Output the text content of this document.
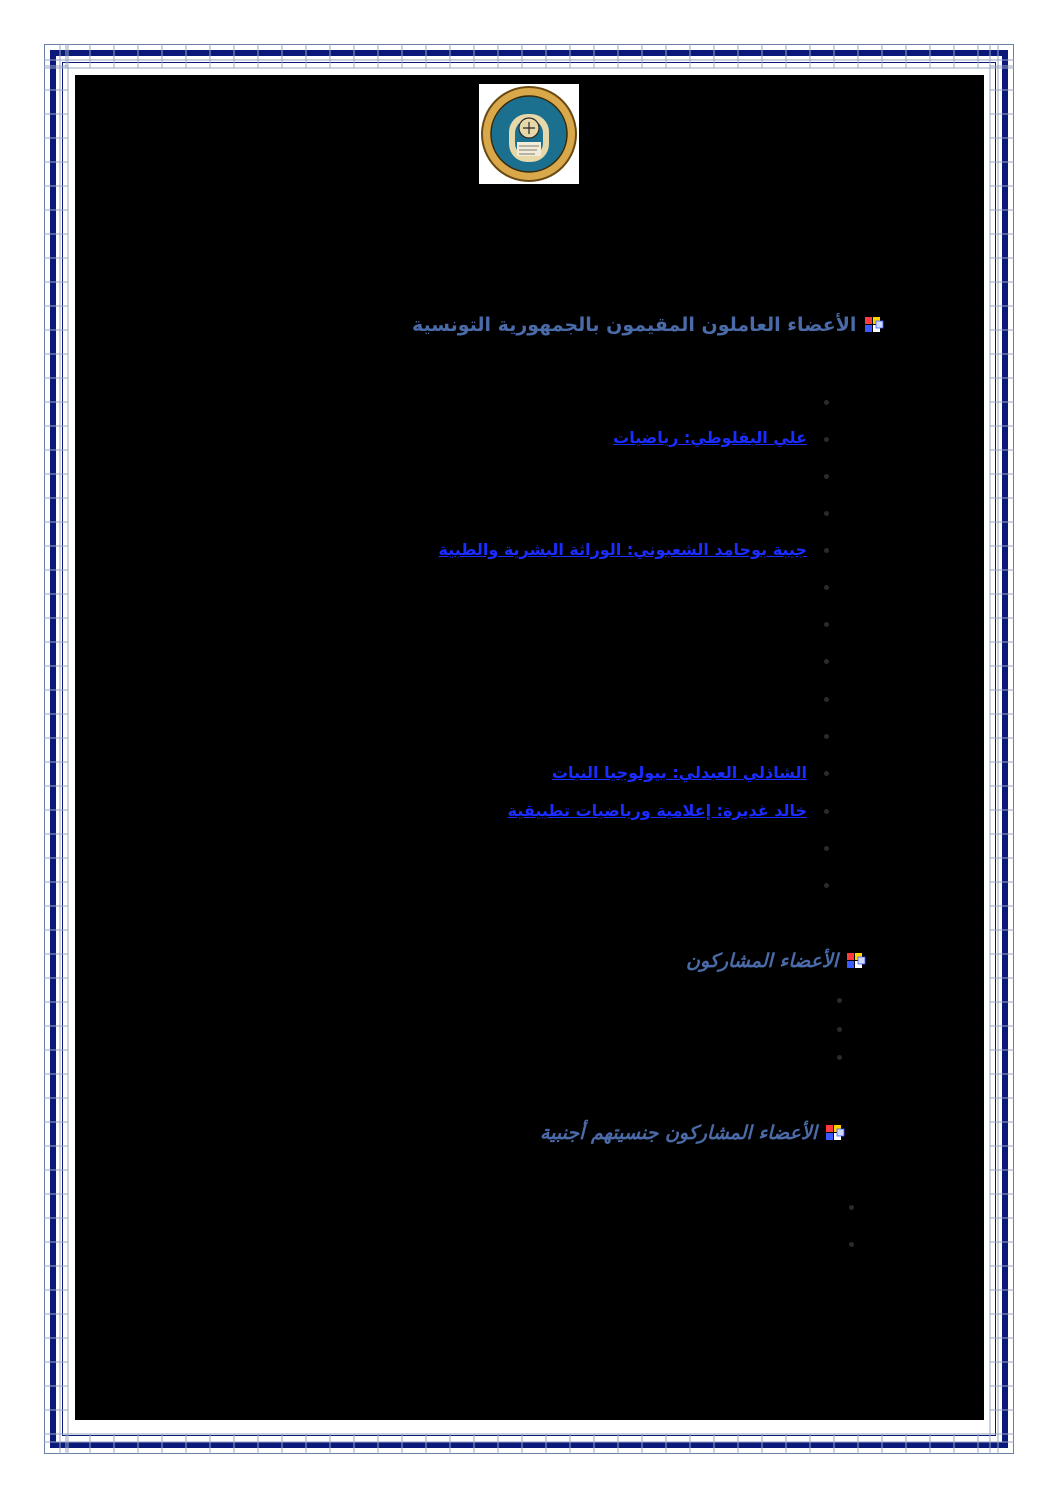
الأعضاء العاملون المقيمون بالجمهورية التونسية
الأعضاء المشاركون
الأعضاء المشاركون جنسيتهم أجنبية
علي البقلوطي: رياضيات
جيبة بوحامد الشعبوني: الوراثة البشرية والطبية
الشاذلي العبدلي: بيولوجيا النبات
خالد غديرة: إعلامية ورياضيات تطبيقية
